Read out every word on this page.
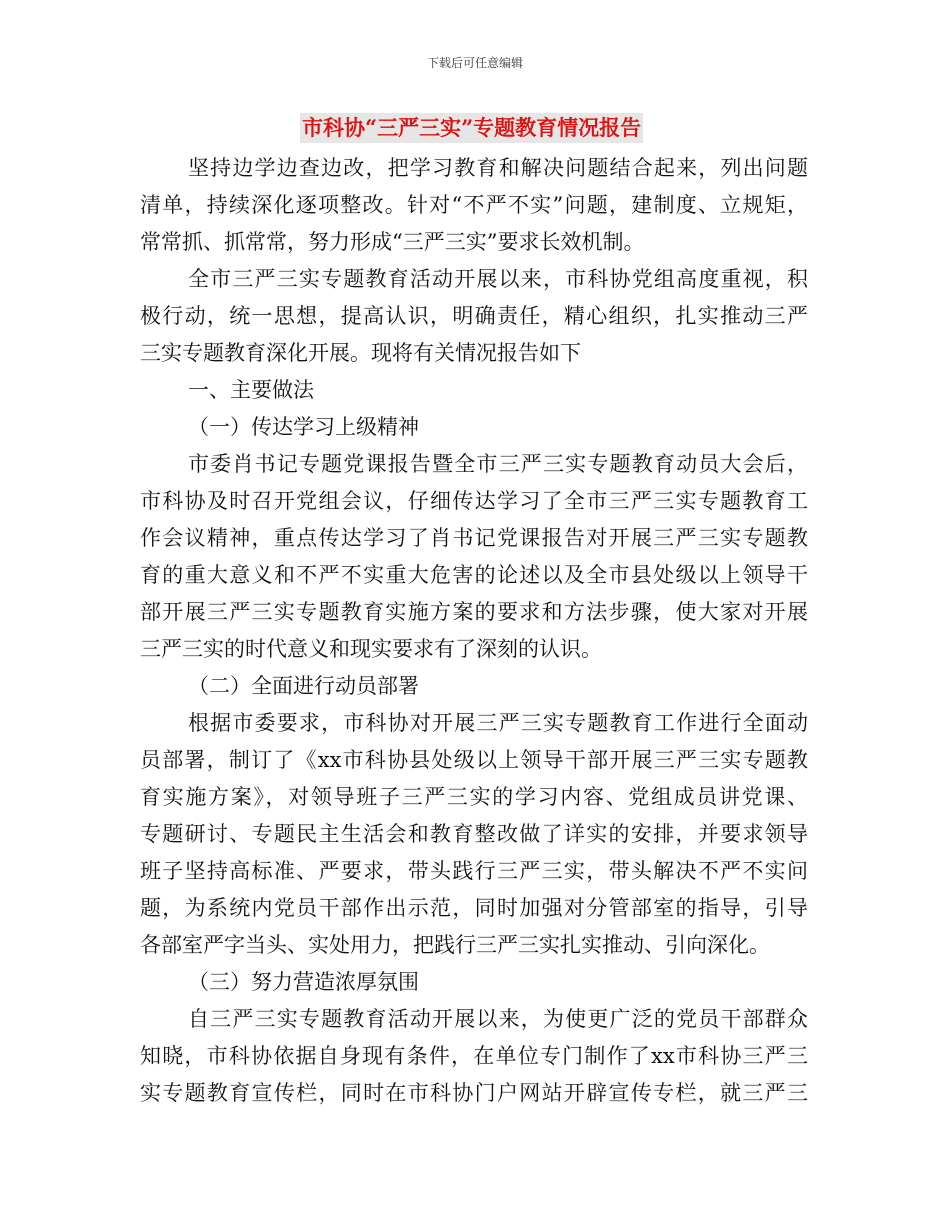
下载后可任意编辑
市科协“三严三实”专题教育情况报告

坚持边学边查边改，把学习教育和解决问题结合起来，列出问题
清单，持续深化逐项整改。针对“不严不实”问题，建制度、立规矩，
常常抓、抓常常，努力形成“三严三实”要求长效机制。

全市三严三实专题教育活动开展以来，市科协党组高度重视，积
极行动，统一思想，提高认识，明确责任，精心组织，扎实推动三严
三实专题教育深化开展。现将有关情况报告如下

一、主要做法

（一）传达学习上级精神

市委肖书记专题党课报告暨全市三严三实专题教育动员大会后，
市科协及时召开党组会议，仔细传达学习了全市三严三实专题教育工
作会议精神，重点传达学习了肖书记党课报告对开展三严三实专题教
育的重大意义和不严不实重大危害的论述以及全市县处级以上领导干
部开展三严三实专题教育实施方案的要求和方法步骤，使大家对开展
三严三实的时代意义和现实要求有了深刻的认识。

（二）全面进行动员部署

根据市委要求，市科协对开展三严三实专题教育工作进行全面动
员部署，制订了《xx市科协县处级以上领导干部开展三严三实专题教
育实施方案》，对领导班子三严三实的学习内容、党组成员讲党课、
专题研讨、专题民主生活会和教育整改做了详实的安排，并要求领导
班子坚持高标准、严要求，带头践行三严三实，带头解决不严不实问
题，为系统内党员干部作出示范，同时加强对分管部室的指导，引导
各部室严字当头、实处用力，把践行三严三实扎实推动、引向深化。

（三）努力营造浓厚氛围

自三严三实专题教育活动开展以来，为使更广泛的党员干部群众
知晓，市科协依据自身现有条件，在单位专门制作了xx市科协三严三
实专题教育宣传栏，同时在市科协门户网站开辟宣传专栏，就三严三
